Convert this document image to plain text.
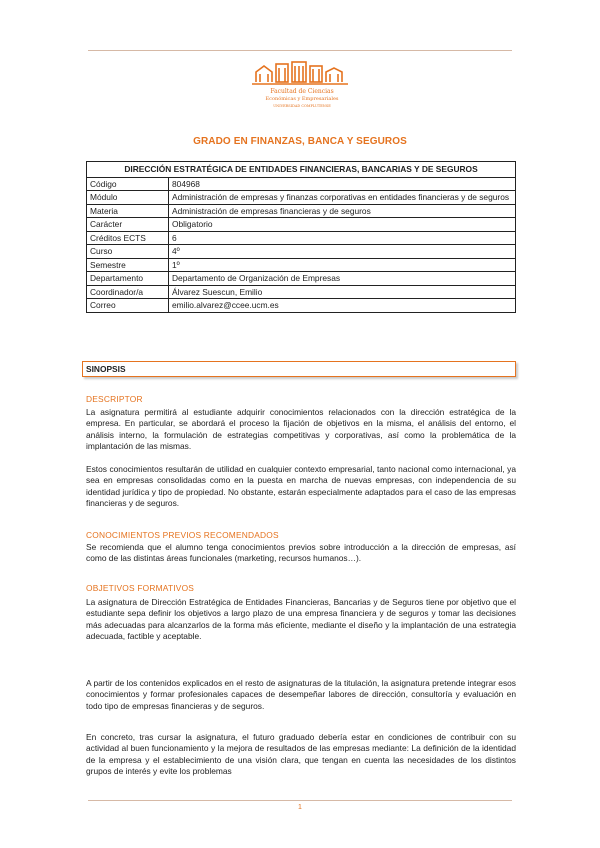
Facultad de Ciencias
Económicas y Empresariales
UNIVERSIDAD COMPLUTENSE
GRADO EN FINANZAS, BANCA Y SEGUROS
DIRECCIÓN ESTRATÉGICA DE ENTIDADES FINANCIERAS, BANCARIAS Y DE SEGUROS	
Código	804968
Módulo	Administración de empresas y finanzas corporativas en entidades financieras y de seguros
Materia	Administración de empresas financieras y de seguros
Carácter	Obligatorio
Créditos ECTS	6
Curso	4º
Semestre	1º
Departamento	Departamento de Organización de Empresas
Coordinador/a	Álvarez Suescun, Emilio
Correo	emilio.alvarez@ccee.ucm.es
SINOPSIS
DESCRIPTOR

La asignatura permitirá al estudiante adquirir conocimientos relacionados con la dirección estratégica de la empresa. En particular, se abordará el proceso la fijación de objetivos en la misma, el análisis del entorno, el análisis interno, la formulación de estrategias competitivas y corporativas, así como la problemática de la implantación de las mismas.

Estos conocimientos resultarán de utilidad en cualquier contexto empresarial, tanto nacional como internacional, ya sea en empresas consolidadas como en la puesta en marcha de nuevas empresas, con independencia de su identidad jurídica y tipo de propiedad. No obstante, estarán especialmente adaptados para el caso de las empresas financieras y de seguros.

CONOCIMIENTOS PREVIOS RECOMENDADOS

Se recomienda que el alumno tenga conocimientos previos sobre introducción a la dirección de empresas, así como de las distintas áreas funcionales (marketing, recursos humanos…).

OBJETIVOS FORMATIVOS

La asignatura de Dirección Estratégica de Entidades Financieras, Bancarias y de Seguros tiene por objetivo que el estudiante sepa definir los objetivos a largo plazo de una empresa financiera y de seguros y tomar las decisiones más adecuadas para alcanzarlos de la forma más eficiente, mediante el diseño y la implantación de una estrategia adecuada, factible y aceptable.

A partir de los contenidos explicados en el resto de asignaturas de la titulación, la asignatura pretende integrar esos conocimientos y formar profesionales capaces de desempeñar labores de dirección, consultoría y evaluación en todo tipo de empresas financieras y de seguros.

En concreto, tras cursar la asignatura, el futuro graduado debería estar en condiciones de contribuir con su actividad al buen funcionamiento y la mejora de resultados de las empresas mediante: La definición de la identidad de la empresa y el establecimiento de una visión clara, que tengan en cuenta las necesidades de los distintos grupos de interés y evite los problemas

1
